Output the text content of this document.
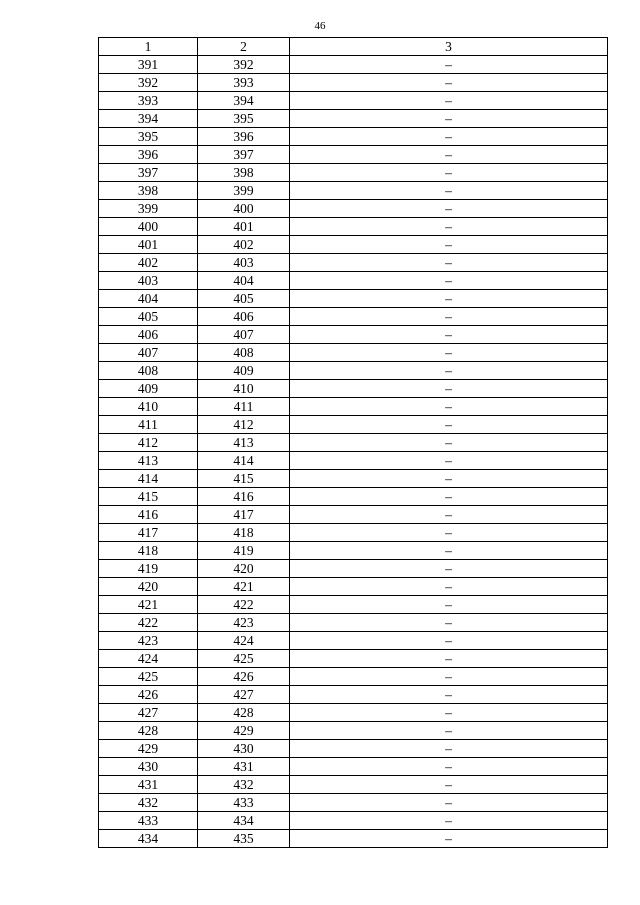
46
1	2	3
391	392	–
392	393	–
393	394	–
394	395	–
395	396	–
396	397	–
397	398	–
398	399	–
399	400	–
400	401	–
401	402	–
402	403	–
403	404	–
404	405	–
405	406	–
406	407	–
407	408	–
408	409	–
409	410	–
410	411	–
411	412	–
412	413	–
413	414	–
414	415	–
415	416	–
416	417	–
417	418	–
418	419	–
419	420	–
420	421	–
421	422	–
422	423	–
423	424	–
424	425	–
425	426	–
426	427	–
427	428	–
428	429	–
429	430	–
430	431	–
431	432	–
432	433	–
433	434	–
434	435	–
